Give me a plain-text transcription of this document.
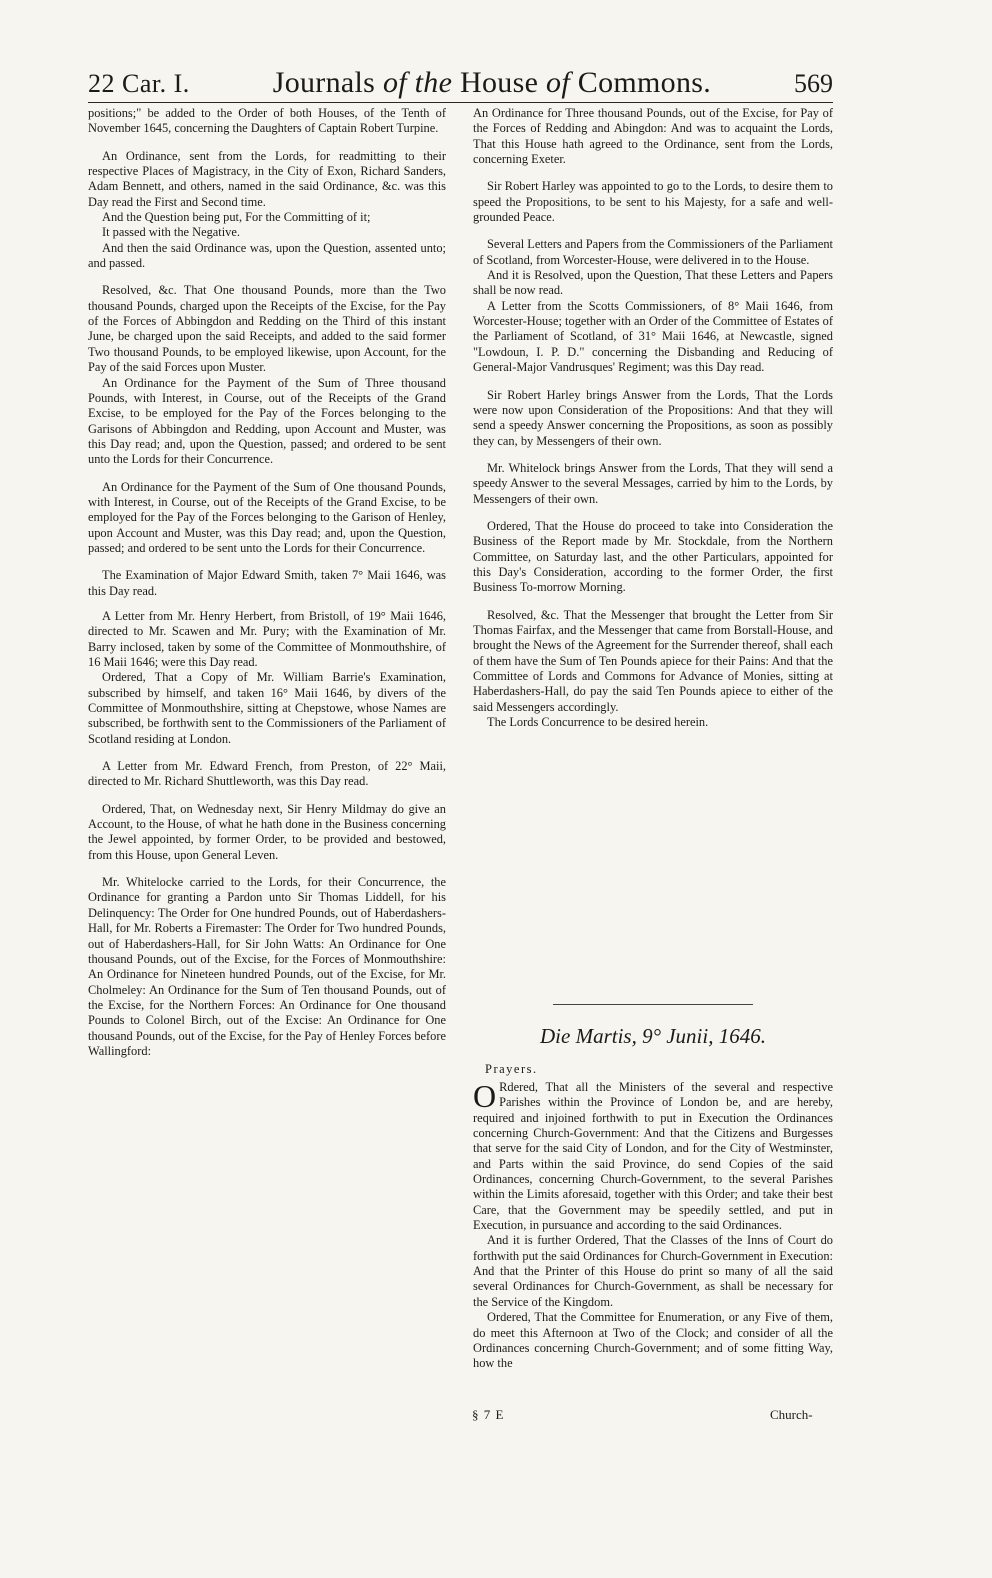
22 Car. I.	Journals of the House of Commons.	569

positions;" be added to the Order of both Houses, of the Tenth of November 1645, concerning the Daughters of Captain Robert Turpine.

An Ordinance, sent from the Lords, for readmitting to their respective Places of Magistracy, in the City of Exon, Richard Sanders, Adam Bennett, and others, named in the said Ordinance, &c. was this Day read the First and Second time.

And the Question being put, For the Committing of it;

It passed with the Negative.

And then the said Ordinance was, upon the Question, assented unto; and passed.

Resolved, &c. That One thousand Pounds, more than the Two thousand Pounds, charged upon the Receipts of the Excise, for the Pay of the Forces of Abbingdon and Redding on the Third of this instant June, be charged upon the said Receipts, and added to the said former Two thousand Pounds, to be employed likewise, upon Account, for the Pay of the said Forces upon Muster.

An Ordinance for the Payment of the Sum of Three thousand Pounds, with Interest, in Course, out of the Receipts of the Grand Excise, to be employed for the Pay of the Forces belonging to the Garisons of Abbingdon and Redding, upon Account and Muster, was this Day read; and, upon the Question, passed; and ordered to be sent unto the Lords for their Concurrence.

An Ordinance for the Payment of the Sum of One thousand Pounds, with Interest, in Course, out of the Receipts of the Grand Excise, to be employed for the Pay of the Forces belonging to the Garison of Henley, upon Account and Muster, was this Day read; and, upon the Question, passed; and ordered to be sent unto the Lords for their Concurrence.

The Examination of Major Edward Smith, taken 7° Maii 1646, was this Day read.

A Letter from Mr. Henry Herbert, from Bristoll, of 19° Maii 1646, directed to Mr. Scawen and Mr. Pury; with the Examination of Mr. Barry inclosed, taken by some of the Committee of Monmouthshire, of 16 Maii 1646; were this Day read.

Ordered, That a Copy of Mr. William Barrie's Examination, subscribed by himself, and taken 16° Maii 1646, by divers of the Committee of Monmouthshire, sitting at Chepstowe, whose Names are subscribed, be forthwith sent to the Commissioners of the Parliament of Scotland residing at London.

A Letter from Mr. Edward French, from Preston, of 22° Maii, directed to Mr. Richard Shuttleworth, was this Day read.

Ordered, That, on Wednesday next, Sir Henry Mildmay do give an Account, to the House, of what he hath done in the Business concerning the Jewel appointed, by former Order, to be provided and bestowed, from this House, upon General Leven.

Mr. Whitelocke carried to the Lords, for their Concurrence, the Ordinance for granting a Pardon unto Sir Thomas Liddell, for his Delinquency: The Order for One hundred Pounds, out of Haberdashers-Hall, for Mr. Roberts a Firemaster: The Order for Two hundred Pounds, out of Haberdashers-Hall, for Sir John Watts: An Ordinance for One thousand Pounds, out of the Excise, for the Forces of Monmouthshire: An Ordinance for Nineteen hundred Pounds, out of the Excise, for Mr. Cholmeley: An Ordinance for the Sum of Ten thousand Pounds, out of the Excise, for the Northern Forces: An Ordinance for One thousand Pounds to Colonel Birch, out of the Excise: An Ordinance for One thousand Pounds, out of the Excise, for the Pay of Henley Forces before Wallingford:

An Ordinance for Three thousand Pounds, out of the Excise, for Pay of the Forces of Redding and Abingdon: And was to acquaint the Lords, That this House hath agreed to the Ordinance, sent from the Lords, concerning Exeter.

Sir Robert Harley was appointed to go to the Lords, to desire them to speed the Propositions, to be sent to his Majesty, for a safe and well-grounded Peace.

Several Letters and Papers from the Commissioners of the Parliament of Scotland, from Worcester-House, were delivered in to the House.

And it is Resolved, upon the Question, That these Letters and Papers shall be now read.

A Letter from the Scotts Commissioners, of 8° Maii 1646, from Worcester-House; together with an Order of the Committee of Estates of the Parliament of Scotland, of 31° Maii 1646, at Newcastle, signed "Lowdoun, I. P. D." concerning the Disbanding and Reducing of General-Major Vandrusques' Regiment; was this Day read.

Sir Robert Harley brings Answer from the Lords, That the Lords were now upon Consideration of the Propositions: And that they will send a speedy Answer concerning the Propositions, as soon as possibly they can, by Messengers of their own.

Mr. Whitelock brings Answer from the Lords, That they will send a speedy Answer to the several Messages, carried by him to the Lords, by Messengers of their own.

Ordered, That the House do proceed to take into Consideration the Business of the Report made by Mr. Stockdale, from the Northern Committee, on Saturday last, and the other Particulars, appointed for this Day's Consideration, according to the former Order, the first Business To-morrow Morning.

Resolved, &c. That the Messenger that brought the Letter from Sir Thomas Fairfax, and the Messenger that came from Borstall-House, and brought the News of the Agreement for the Surrender thereof, shall each of them have the Sum of Ten Pounds apiece for their Pains: And that the Committee of Lords and Commons for Advance of Monies, sitting at Haberdashers-Hall, do pay the said Ten Pounds apiece to either of the said Messengers accordingly.

The Lords Concurrence to be desired herein.

Die Martis, 9° Junii, 1646.
Prayers.

O Rdered, That all the Ministers of the several and respective Parishes within the Province of London be, and are hereby, required and injoined forthwith to put in Execution the Ordinances concerning Church-Government: And that the Citizens and Burgesses that serve for the said City of London, and for the City of Westminster, and Parts within the said Province, do send Copies of the said Ordinances, concerning Church-Government, to the several Parishes within the Limits aforesaid, together with this Order; and take their best Care, that the Government may be speedily settled, and put in Execution, in pursuance and according to the said Ordinances.

And it is further Ordered, That the Classes of the Inns of Court do forthwith put the said Ordinances for Church-Government in Execution: And that the Printer of this House do print so many of all the said several Ordinances for Church-Government, as shall be necessary for the Service of the Kingdom.

Ordered, That the Committee for Enumeration, or any Five of them, do meet this Afternoon at Two of the Clock; and consider of all the Ordinances concerning Church-Government; and of some fitting Way, how the

§ 7 E	Church-
